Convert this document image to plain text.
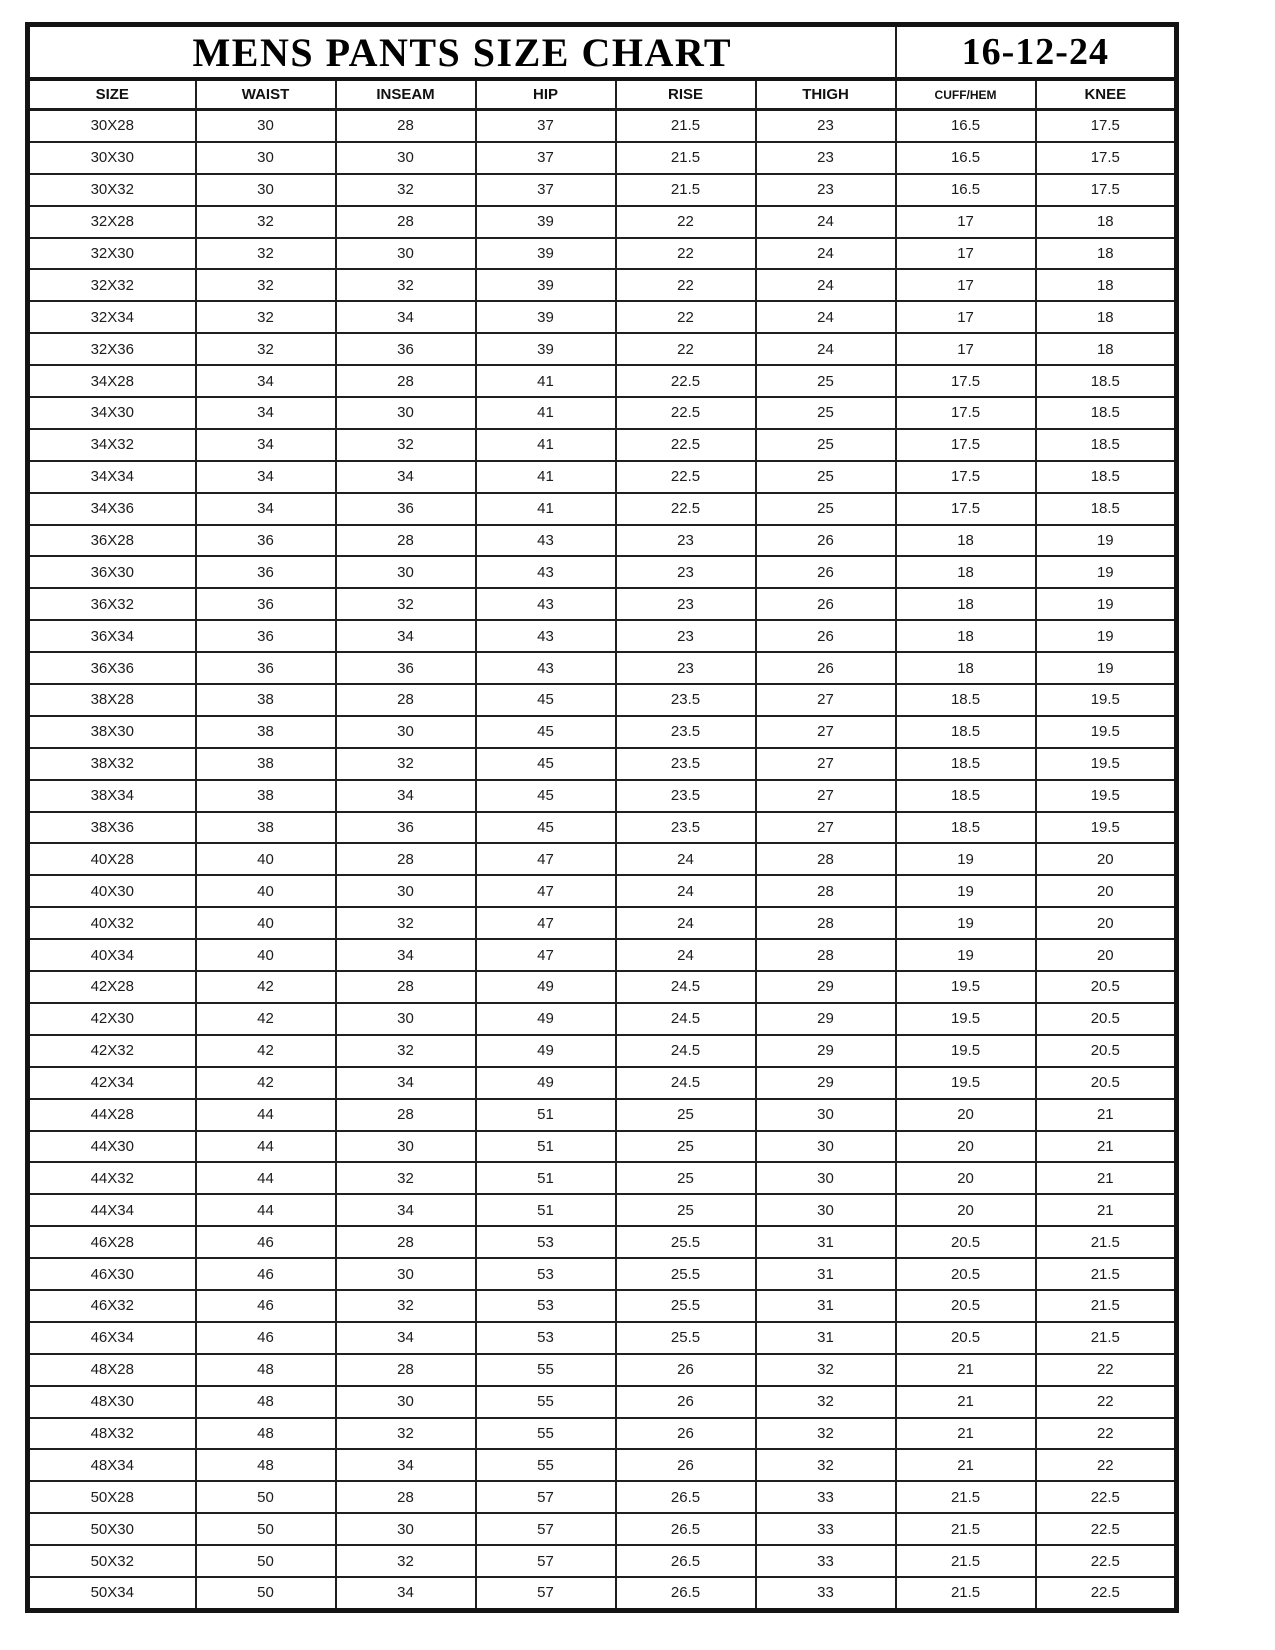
MENS PANTS SIZE CHART						16-12-24	
SIZE	WAIST	INSEAM	HIP	RISE	THIGH	CUFF/HEM	KNEE
30X28	30	28	37	21.5	23	16.5	17.5
30X30	30	30	37	21.5	23	16.5	17.5
30X32	30	32	37	21.5	23	16.5	17.5
32X28	32	28	39	22	24	17	18
32X30	32	30	39	22	24	17	18
32X32	32	32	39	22	24	17	18
32X34	32	34	39	22	24	17	18
32X36	32	36	39	22	24	17	18
34X28	34	28	41	22.5	25	17.5	18.5
34X30	34	30	41	22.5	25	17.5	18.5
34X32	34	32	41	22.5	25	17.5	18.5
34X34	34	34	41	22.5	25	17.5	18.5
34X36	34	36	41	22.5	25	17.5	18.5
36X28	36	28	43	23	26	18	19
36X30	36	30	43	23	26	18	19
36X32	36	32	43	23	26	18	19
36X34	36	34	43	23	26	18	19
36X36	36	36	43	23	26	18	19
38X28	38	28	45	23.5	27	18.5	19.5
38X30	38	30	45	23.5	27	18.5	19.5
38X32	38	32	45	23.5	27	18.5	19.5
38X34	38	34	45	23.5	27	18.5	19.5
38X36	38	36	45	23.5	27	18.5	19.5
40X28	40	28	47	24	28	19	20
40X30	40	30	47	24	28	19	20
40X32	40	32	47	24	28	19	20
40X34	40	34	47	24	28	19	20
42X28	42	28	49	24.5	29	19.5	20.5
42X30	42	30	49	24.5	29	19.5	20.5
42X32	42	32	49	24.5	29	19.5	20.5
42X34	42	34	49	24.5	29	19.5	20.5
44X28	44	28	51	25	30	20	21
44X30	44	30	51	25	30	20	21
44X32	44	32	51	25	30	20	21
44X34	44	34	51	25	30	20	21
46X28	46	28	53	25.5	31	20.5	21.5
46X30	46	30	53	25.5	31	20.5	21.5
46X32	46	32	53	25.5	31	20.5	21.5
46X34	46	34	53	25.5	31	20.5	21.5
48X28	48	28	55	26	32	21	22
48X30	48	30	55	26	32	21	22
48X32	48	32	55	26	32	21	22
48X34	48	34	55	26	32	21	22
50X28	50	28	57	26.5	33	21.5	22.5
50X30	50	30	57	26.5	33	21.5	22.5
50X32	50	32	57	26.5	33	21.5	22.5
50X34	50	34	57	26.5	33	21.5	22.5
